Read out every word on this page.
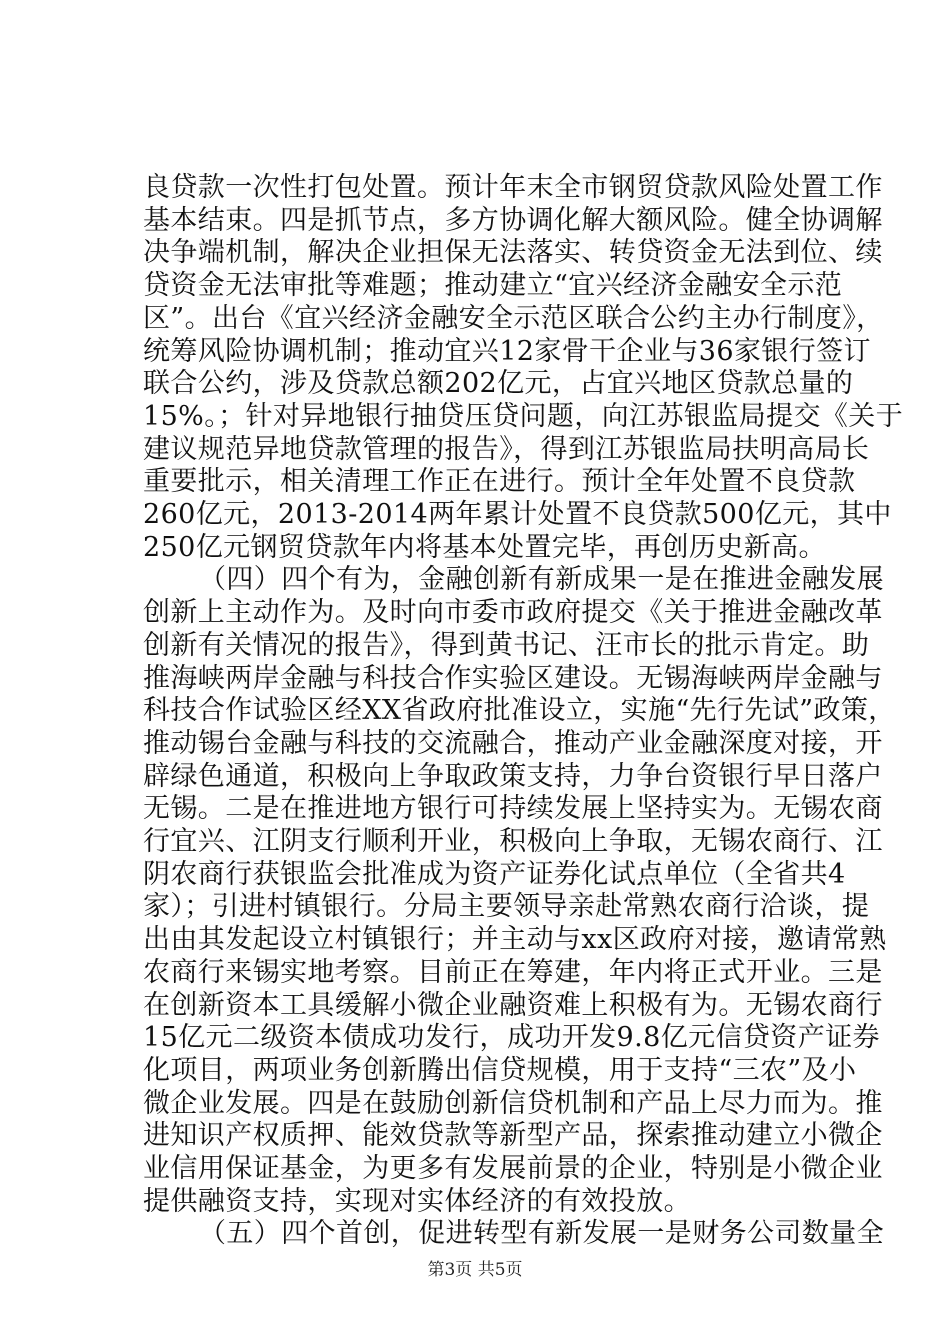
良贷款一次性打包处置。预计年末全市钢贸贷款风险处置工作

基本结束。四是抓节点，多方协调化解大额风险。健全协调解

决争端机制，解决企业担保无法落实、转贷资金无法到位、续

贷资金无法审批等难题；推动建立“宜兴经济金融安全示范

区”。出台《宜兴经济金融安全示范区联合公约主办行制度》，

统筹风险协调机制；推动宜兴12家骨干企业与36家银行签订

联合公约，涉及贷款总额202亿元，占宜兴地区贷款总量的

15%。；针对异地银行抽贷压贷问题，向江苏银监局提交《关于

建议规范异地贷款管理的报告》，得到江苏银监局扶明高局长

重要批示，相关清理工作正在进行。预计全年处置不良贷款

260亿元，2013-2014两年累计处置不良贷款500亿元，其中

250亿元钢贸贷款年内将基本处置完毕，再创历史新高。

（四）四个有为，金融创新有新成果一是在推进金融发展

创新上主动作为。及时向市委市政府提交《关于推进金融改革

创新有关情况的报告》，得到黄书记、汪市长的批示肯定。助

推海峡两岸金融与科技合作实验区建设。无锡海峡两岸金融与

科技合作试验区经XX省政府批准设立，实施“先行先试”政策，

推动锡台金融与科技的交流融合，推动产业金融深度对接，开

辟绿色通道，积极向上争取政策支持，力争台资银行早日落户

无锡。二是在推进地方银行可持续发展上坚持实为。无锡农商

行宜兴、江阴支行顺利开业，积极向上争取，无锡农商行、江

阴农商行获银监会批准成为资产证券化试点单位（全省共4

家）；引进村镇银行。分局主要领导亲赴常熟农商行洽谈，提

出由其发起设立村镇银行；并主动与xx区政府对接，邀请常熟

农商行来锡实地考察。目前正在筹建，年内将正式开业。三是

在创新资本工具缓解小微企业融资难上积极有为。无锡农商行

15亿元二级资本债成功发行，成功开发9.8亿元信贷资产证券

化项目，两项业务创新腾出信贷规模，用于支持“三农”及小

微企业发展。四是在鼓励创新信贷机制和产品上尽力而为。推

进知识产权质押、能效贷款等新型产品，探索推动建立小微企

业信用保证基金，为更多有发展前景的企业，特别是小微企业

提供融资支持，实现对实体经济的有效投放。

（五）四个首创，促进转型有新发展一是财务公司数量全

第3页 共5页
